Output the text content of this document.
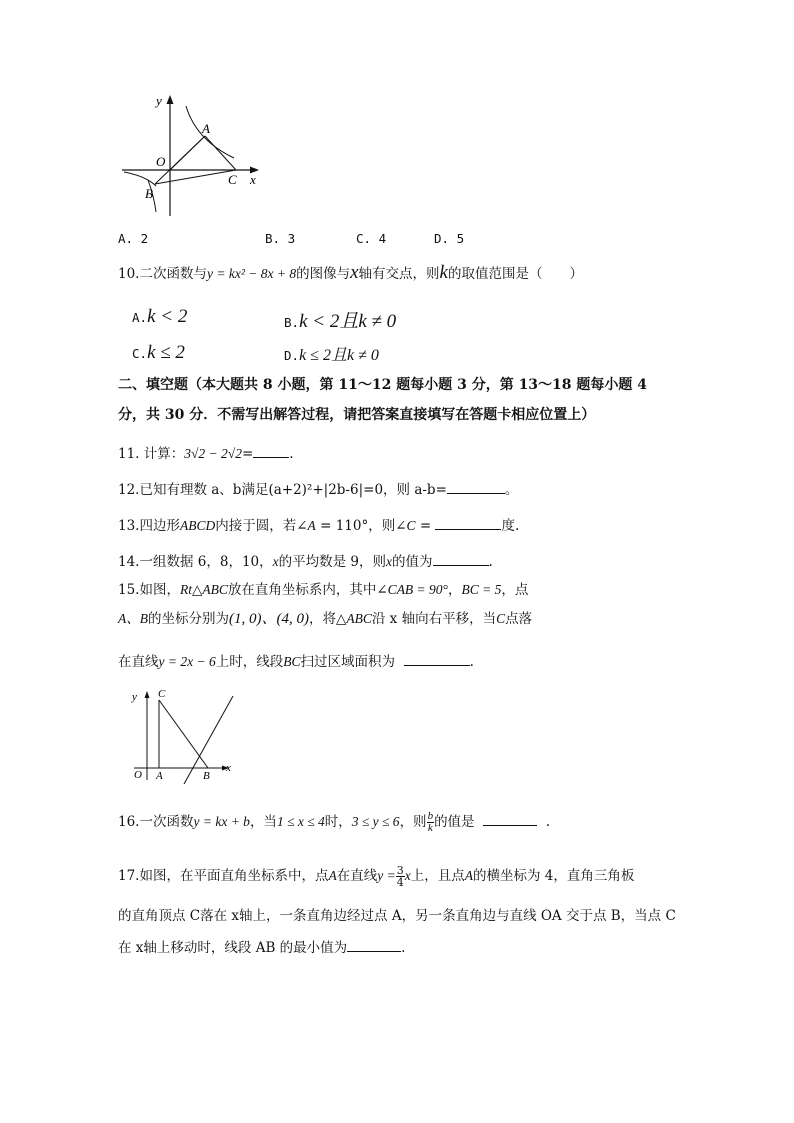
y
x
O
A
B
C
A. 2	B. 3	C. 4	D. 5
10.二次函数与y = kx² − 8x + 8的图像与x轴有交点，则k的取值范围是（　　）
A.k < 2	B.k < 2且k ≠ 0
C.k ≤ 2	D.k ≤ 2且k ≠ 0
二、填空题（本大题共 8 小题，第 11～12 题每小题 3 分，第 13～18 题每小题 4
分，共 30 分．不需写出解答过程，请把答案直接填写在答题卡相应位置上）
11. 计算：3√2 − 2√2=	.
12.已知有理数 a、b满足(a+2)²+|2b-6|=0，则 a-b=	。
13.四边形ABCD内接于圆，若∠A = 110°，则∠C =	度.
14.一组数据 6，8，10，x的平均数是 9，则x的值为	.
15.如图，Rt△ABC放在直角坐标系内，其中∠CAB = 90°，BC = 5，点
A、B的坐标分别为(1, 0)、(4, 0)，将△ABC沿 x 轴向右平移，当C点落
在直线y = 2x − 6上时，线段BC扫过区域面积为	.
y C
x
O A	B
16.一次函数y = kx + b，当1 ≤ x ≤ 4时，3 ≤ y ≤ 6，则 $\frac{b}{k}$ 的值是	.
17.如图，在平面直角坐标系中，点A在直线$y = \frac{3}{4}$ x上，且点A的横坐标为 4，直角三角板
的直角顶点 C落在 x轴上，一条直角边经过点 A，另一条直角边与直线 OA 交于点 B，当点 C
在 x轴上移动时，线段 AB 的最小值为	.
